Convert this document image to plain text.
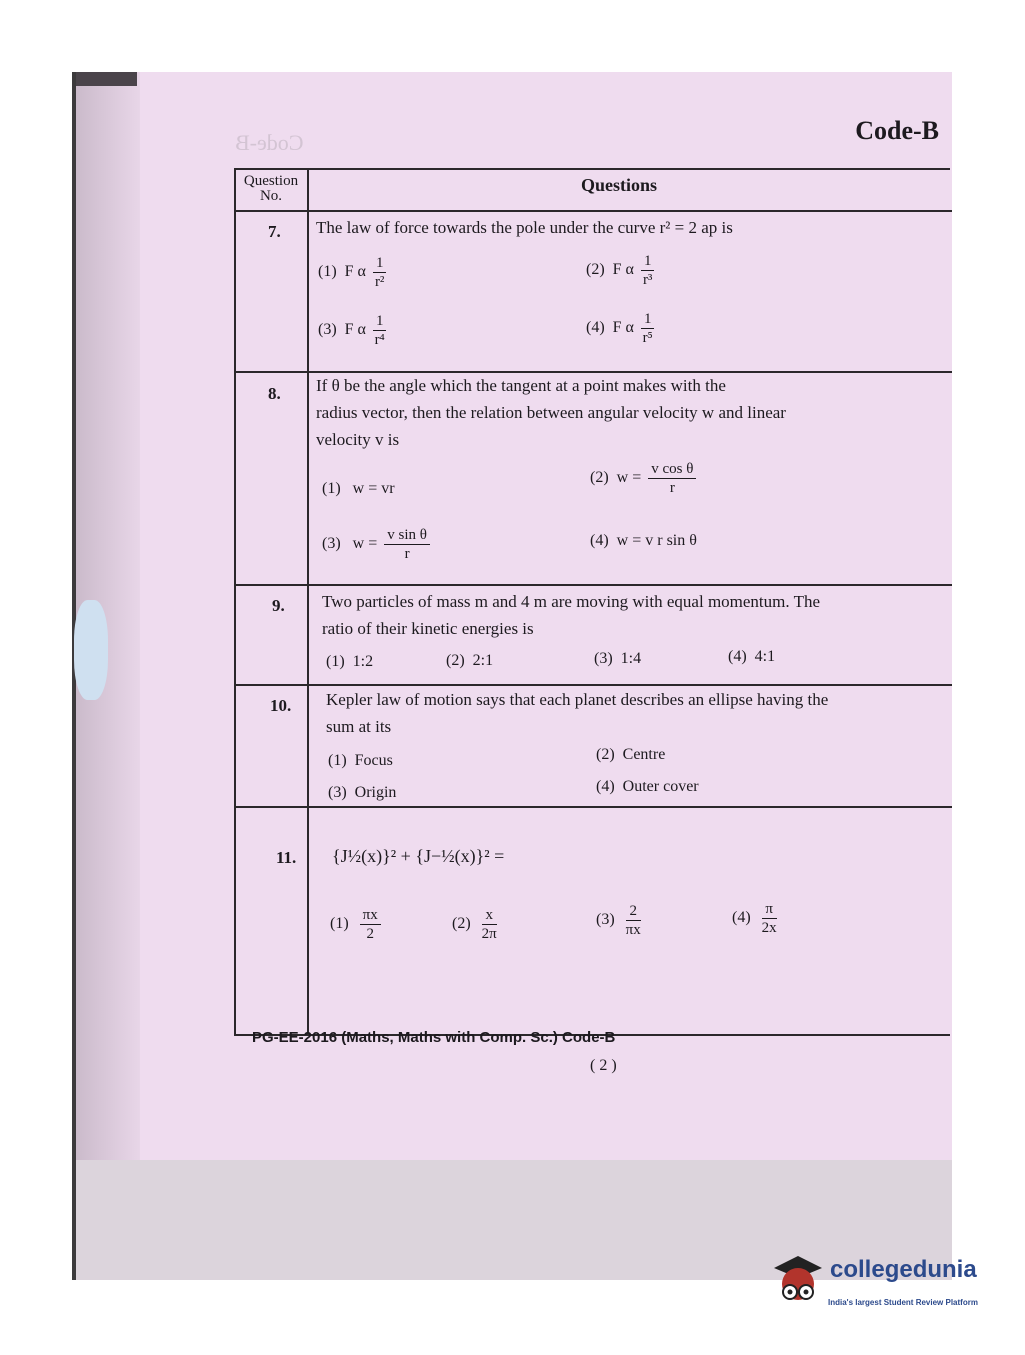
Code-B	Code-B
Question No.
Questions
7. The law of force towards the pole under the curve r² = 2 ap is
(1) F α $\frac{1}{\text{r²}}$	(2) F α $\frac{1}{\text{r³}}$
(3) F α $\frac{1}{\text{r⁴}}$	(4) F α $\frac{1}{\text{r⁵}}$
8. If θ be the angle which the tangent at a point makes with the
radius vector, then the relation between angular velocity w and linear
velocity v is
(1) w = vr
(2) $w = \frac{\text{v cos θ}}{r}$
(3) $w = \frac{\text{v sin θ}}{r}$	(4) w = v r sin θ
9. Two particles of mass m and 4 m are moving with equal momentum. The
ratio of their kinetic energies is
(1) 1:2	(2) 2:1	(3) 1:4	(4) 4:1
10. Kepler law of motion says that each planet describes an ellipse having the
sum at its
(1) Focus	(2) Centre
(3) Origin	(4) Outer cover
11. {J½(x)}² + {J−½(x)}² =
$(1) \frac{\pi x}{2}$	$(2) \frac{x}{2\pi}$	$(3) \frac{2}{\pi x}$	$(4) \frac{\pi}{2x}$
PG-EE-2016 (Maths, Maths with Comp. Sc.) Code-B
( 2 )
collegedunia
India's largest Student Review Platform
